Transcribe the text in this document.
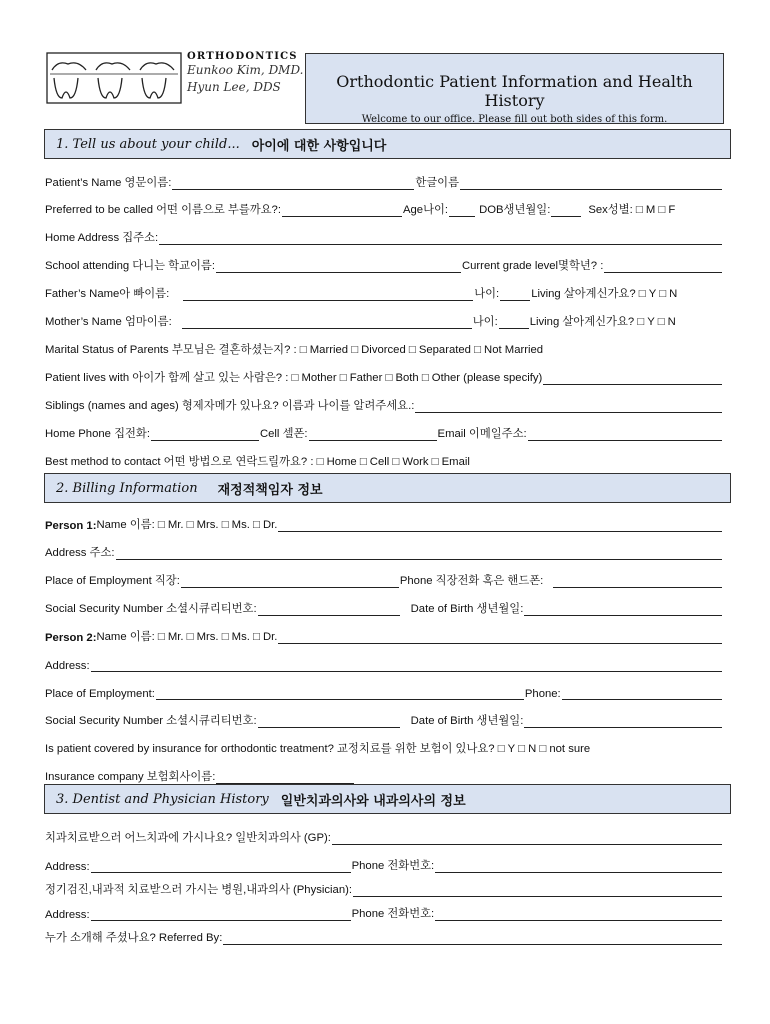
ORTHODONTICS
Eunkoo Kim, DMD.
Hyun Lee, DDS	Orthodontic Patient Information and Health History
Welcome to our office. Please fill out both sides of this form.
1. Tell us about your child... 아이에 대한 사항입니다
Patient’s Name 영문이름:	한글이름
Preferred to be called 어떤 이름으로 부를까요?:	Age나이:	DOB생년월일:	Sex성별: □ M □ F
Home Address 집주소:
School attending 다니는 학교이름:	Current grade level몇학년? :
Father’s Name아 빠이름:	나이:	Living 살아계신가요? □ Y □ N
Mother’s Name 엄마이름:	나이:	Living 살아계신가요? □ Y □ N
Marital Status of Parents 부모님은 결혼하셨는지? : □ Married □ Divorced □ Separated □ Not Married
Patient lives with 아이가 함께 살고 있는 사람은? : □ Mother □ Father □ Both □ Other (please specify)
Siblings (names and ages) 형제자메가 있나요? 이름과 나이를 알려주세요.:
Home Phone 집전화:	Cell 셀폰:	Email 이메일주소:
Best method to contact 어떤 방법으로 연락드릴까요? : □ Home □ Cell □ Work □ Email
2. Billing Information 재정적책임자 정보
Person 1: Name 이름: □ Mr. □ Mrs. □ Ms. □ Dr.
Address 주소:
Place of Employment 직장:	Phone 직장전화 혹은 핸드폰:
Social Security Number 소셜시큐리티번호:	Date of Birth 생년월일:
Person 2: Name 이름: □ Mr. □ Mrs. □ Ms. □ Dr.
Address:
Place of Employment:	Phone:
Social Security Number 소셜시큐리티번호:	Date of Birth 생년월일:
Is patient covered by insurance for orthodontic treatment? 교정치료를 위한 보험이 있나요? □ Y □ N □ not sure
Insurance company 보험회사이름:
3. Dentist and Physician History 일반치과의사와 내과의사의 정보
치과치료받으러 어느치과에 가시나요? 일반치과의사 (GP):
Address:	Phone 전화번호:
정기검진,내과적 치료받으러 가시는 병원,내과의사 (Physician):
Address:	Phone 전화번호:
누가 소개해 주셨나요? Referred By:
